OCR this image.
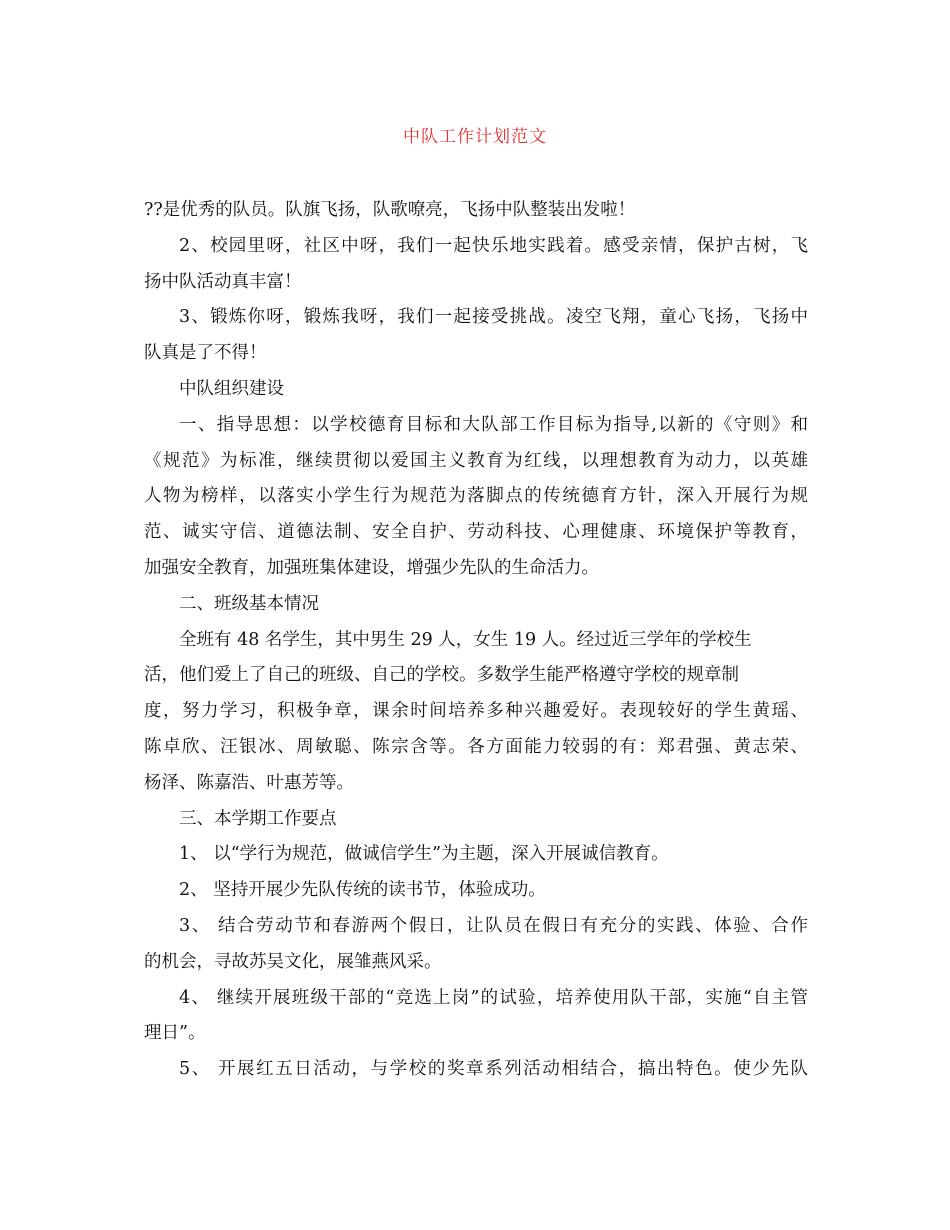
中队工作计划范文
??是优秀的队员。队旗飞扬，队歌嘹亮，飞扬中队整装出发啦！
2、校园里呀，社区中呀，我们一起快乐地实践着。感受亲情，保护古树，飞
扬中队活动真丰富！
3、锻炼你呀，锻炼我呀，我们一起接受挑战。凌空飞翔，童心飞扬，飞扬中
队真是了不得！
中队组织建设
一、指导思想：以学校德育目标和大队部工作目标为指导,以新的《守则》和
《规范》为标准，继续贯彻以爱国主义教育为红线，以理想教育为动力，以英雄
人物为榜样，以落实小学生行为规范为落脚点的传统德育方针，深入开展行为规
范、诚实守信、道德法制、安全自护、劳动科技、心理健康、环境保护等教育，
加强安全教育，加强班集体建设，增强少先队的生命活力。
二、班级基本情况
全班有 48 名学生，其中男生 29 人，女生 19 人。经过近三学年的学校生
活，他们爱上了自己的班级、自己的学校。多数学生能严格遵守学校的规章制
度，努力学习，积极争章，课余时间培养多种兴趣爱好。表现较好的学生黄瑶、
陈卓欣、汪银冰、周敏聪、陈宗含等。各方面能力较弱的有：郑君强、黄志荣、
杨泽、陈嘉浩、叶惠芳等。
三、本学期工作要点
1、 以“学行为规范，做诚信学生”为主题，深入开展诚信教育。
2、 坚持开展少先队传统的读书节，体验成功。
3、 结合劳动节和春游两个假日，让队员在假日有充分的实践、体验、合作
的机会，寻故苏吴文化，展雏燕风采。
4、 继续开展班级干部的“竞选上岗”的试验，培养使用队干部，实施“自主管
理日”。
5、 开展红五日活动，与学校的奖章系列活动相结合，搞出特色。使少先队
